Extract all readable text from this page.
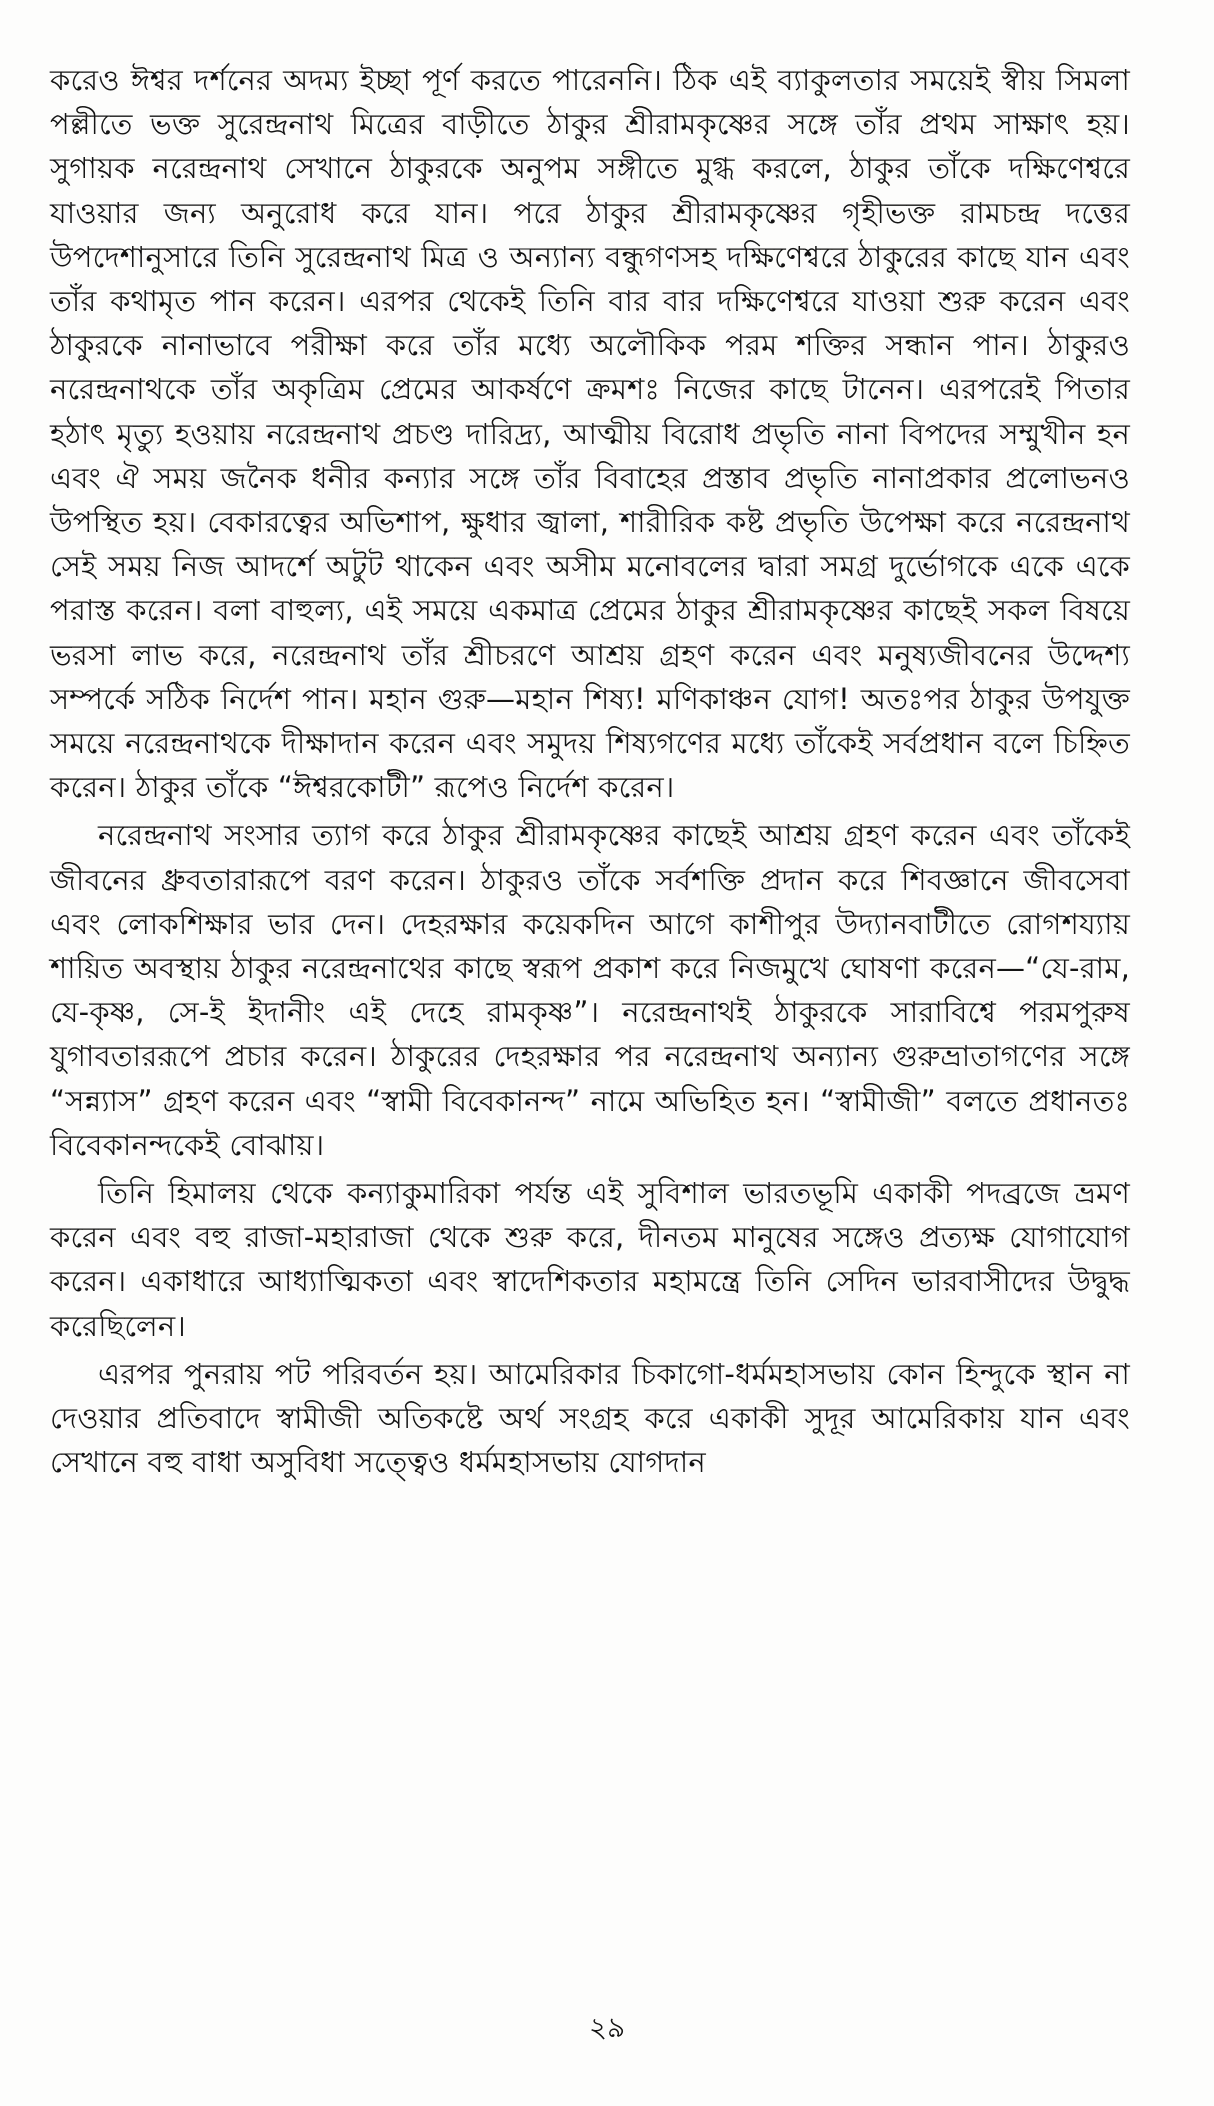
করেও ঈশ্বর দর্শনের অদম্য ইচ্ছা পূর্ণ করতে পারেননি। ঠিক এই ব্যাকুলতার সময়েই স্বীয় সিমলা পল্লীতে ভক্ত সুরেন্দ্রনাথ মিত্রের বাড়ীতে ঠাকুর শ্রীরামকৃষ্ণের সঙ্গে তাঁর প্রথম সাক্ষাৎ হয়। সুগায়ক নরেন্দ্রনাথ সেখানে ঠাকুরকে অনুপম সঙ্গীতে মুগ্ধ করলে, ঠাকুর তাঁকে দক্ষিণেশ্বরে যাওয়ার জন্য অনুরোধ করে যান। পরে ঠাকুর শ্রীরামকৃষ্ণের গৃহীভক্ত রামচন্দ্র দত্তের উপদেশানুসারে তিনি সুরেন্দ্রনাথ মিত্র ও অন্যান্য বন্ধুগণসহ দক্ষিণেশ্বরে ঠাকুরের কাছে যান এবং তাঁর কথামৃত পান করেন। এরপর থেকেই তিনি বার বার দক্ষিণেশ্বরে যাওয়া শুরু করেন এবং ঠাকুরকে নানাভাবে পরীক্ষা করে তাঁর মধ্যে অলৌকিক পরম শক্তির সন্ধান পান। ঠাকুরও নরেন্দ্রনাথকে তাঁর অকৃত্রিম প্রেমের আকর্ষণে ক্রমশঃ নিজের কাছে টানেন। এরপরেই পিতার হঠাৎ মৃত্যু হওয়ায় নরেন্দ্রনাথ প্রচণ্ড দারিদ্র্য, আত্মীয় বিরোধ প্রভৃতি নানা বিপদের সম্মুখীন হন এবং ঐ সময় জনৈক ধনীর কন্যার সঙ্গে তাঁর বিবাহের প্রস্তাব প্রভৃতি নানাপ্রকার প্রলোভনও উপস্থিত হয়। বেকারত্বের অভিশাপ, ক্ষুধার জ্বালা, শারীরিক কষ্ট প্রভৃতি উপেক্ষা করে নরেন্দ্রনাথ সেই সময় নিজ আদর্শে অটুট থাকেন এবং অসীম মনোবলের দ্বারা সমগ্র দুর্ভোগকে একে একে পরাস্ত করেন। বলা বাহুল্য, এই সময়ে একমাত্র প্রেমের ঠাকুর শ্রীরামকৃষ্ণের কাছেই সকল বিষয়ে ভরসা লাভ করে, নরেন্দ্রনাথ তাঁর শ্রীচরণে আশ্রয় গ্রহণ করেন এবং মনুষ্যজীবনের উদ্দেশ্য সম্পর্কে সঠিক নির্দেশ পান। মহান গুরু—মহান শিষ্য! মণিকাঞ্চন যোগ! অতঃপর ঠাকুর উপযুক্ত সময়ে নরেন্দ্রনাথকে দীক্ষাদান করেন এবং সমুদয় শিষ্যগণের মধ্যে তাঁকেই সর্বপ্রধান বলে চিহ্নিত করেন। ঠাকুর তাঁকে “ঈশ্বরকোটী” রূপেও নির্দেশ করেন।

নরেন্দ্রনাথ সংসার ত্যাগ করে ঠাকুর শ্রীরামকৃষ্ণের কাছেই আশ্রয় গ্রহণ করেন এবং তাঁকেই জীবনের ধ্রুবতারারূপে বরণ করেন। ঠাকুরও তাঁকে সর্বশক্তি প্রদান করে শিবজ্ঞানে জীবসেবা এবং লোকশিক্ষার ভার দেন। দেহরক্ষার কয়েকদিন আগে কাশীপুর উদ্যানবাটীতে রোগশয্যায় শায়িত অবস্থায় ঠাকুর নরেন্দ্রনাথের কাছে স্বরূপ প্রকাশ করে নিজমুখে ঘোষণা করেন—“যে-রাম, যে-কৃষ্ণ, সে-ই ইদানীং এই দেহে রামকৃষ্ণ”। নরেন্দ্রনাথই ঠাকুরকে সারাবিশ্বে পরমপুরুষ যুগাবতাররূপে প্রচার করেন। ঠাকুরের দেহরক্ষার পর নরেন্দ্রনাথ অন্যান্য গুরুভ্রাতাগণের সঙ্গে “সন্ন্যাস” গ্রহণ করেন এবং “স্বামী বিবেকানন্দ” নামে অভিহিত হন। “স্বামীজী” বলতে প্রধানতঃ বিবেকানন্দকেই বোঝায়।

তিনি হিমালয় থেকে কন্যাকুমারিকা পর্যন্ত এই সুবিশাল ভারতভূমি একাকী পদব্রজে ভ্রমণ করেন এবং বহু রাজা-মহারাজা থেকে শুরু করে, দীনতম মানুষের সঙ্গেও প্রত্যক্ষ যোগাযোগ করেন। একাধারে আধ্যাত্মিকতা এবং স্বাদেশিকতার মহামন্ত্রে তিনি সেদিন ভারবাসীদের উদ্বুদ্ধ করেছিলেন।

এরপর পুনরায় পট পরিবর্তন হয়। আমেরিকার চিকাগো-ধর্মমহাসভায় কোন হিন্দুকে স্থান না দেওয়ার প্রতিবাদে স্বামীজী অতিকষ্টে অর্থ সংগ্রহ করে একাকী সুদূর আমেরিকায় যান এবং সেখানে বহু বাধা অসুবিধা সত্ত্বেও ধর্মমহাসভায় যোগদান

২৯
